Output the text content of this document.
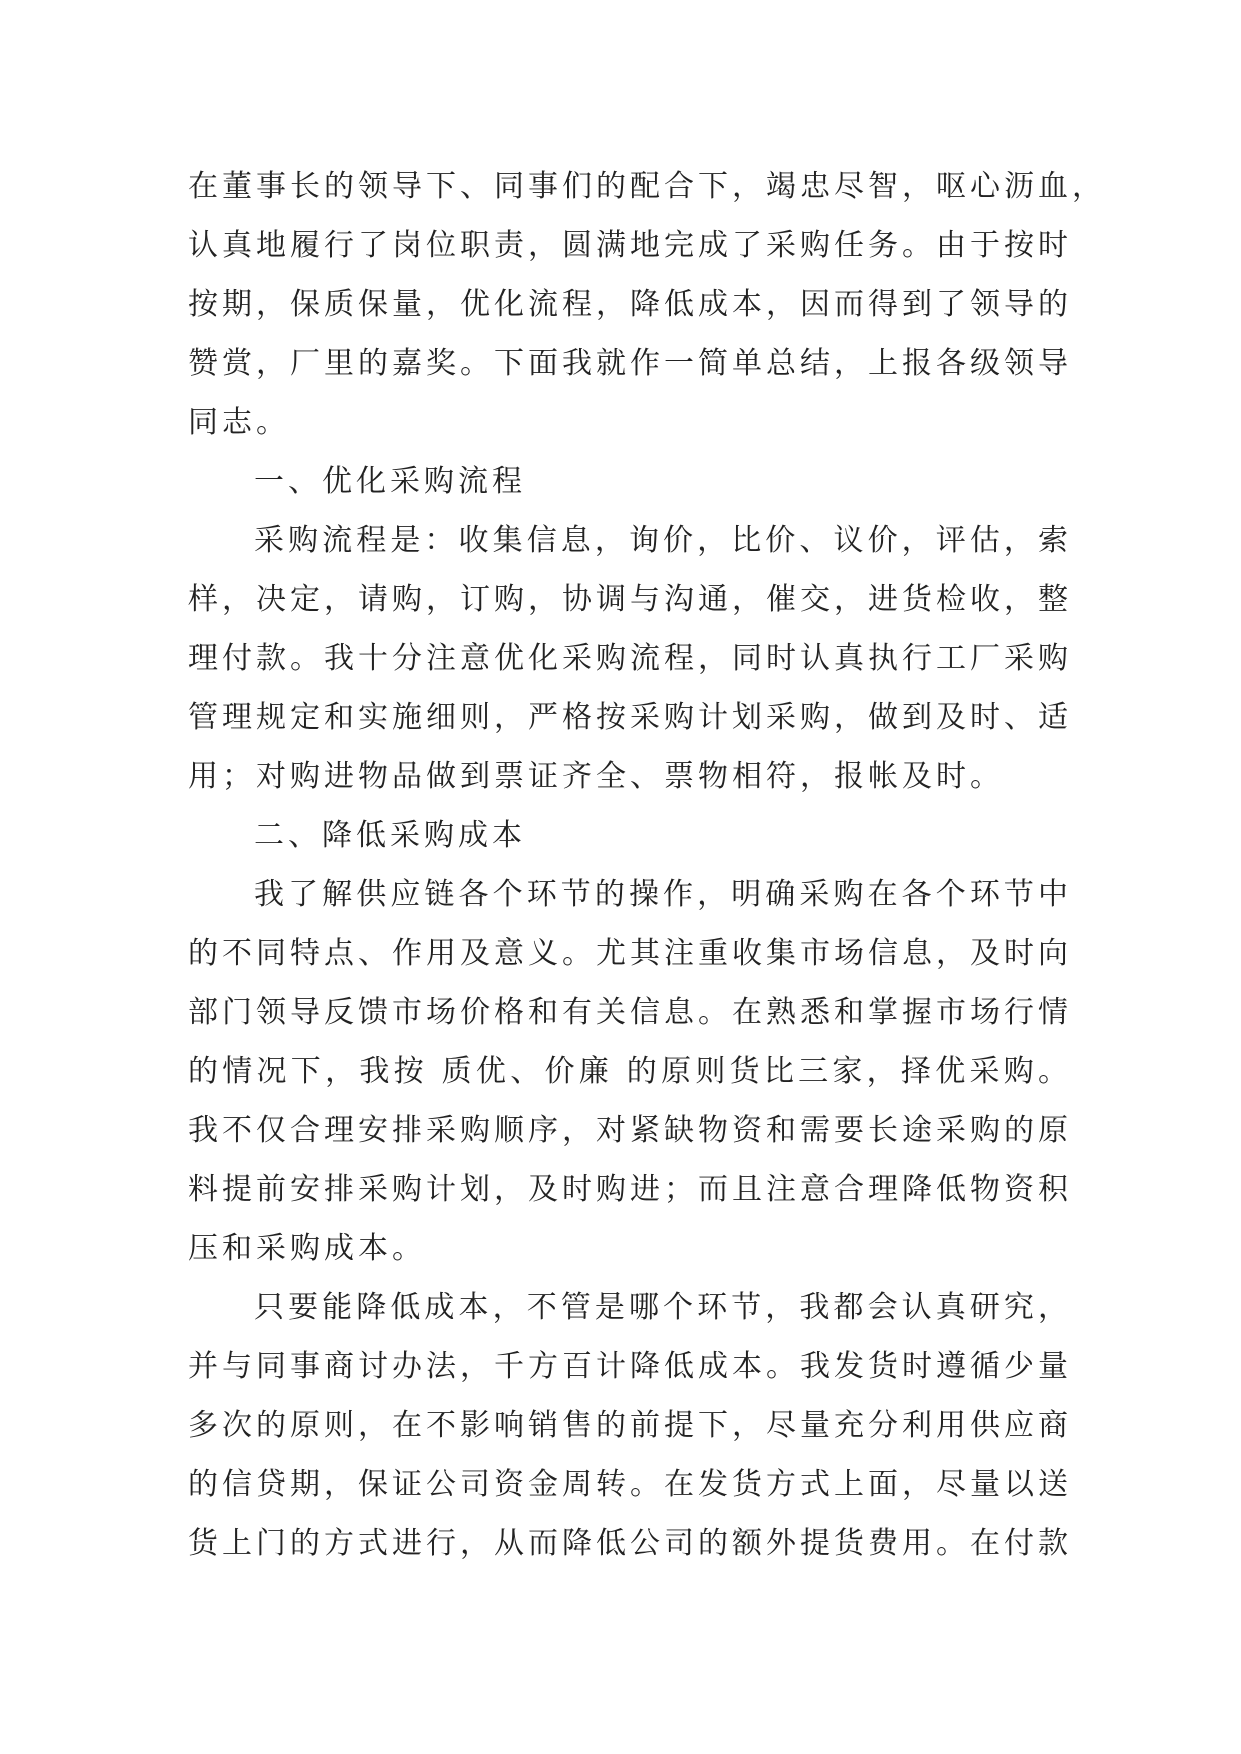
在董事长的领导下、同事们的配合下，竭忠尽智，呕心沥血，
认真地履行了岗位职责，圆满地完成了采购任务。由于按时
按期，保质保量，优化流程，降低成本，因而得到了领导的
赞赏，厂里的嘉奖。下面我就作一简单总结，上报各级领导
同志。
一、优化采购流程
采购流程是：收集信息，询价，比价、议价，评估，索
样，决定，请购，订购，协调与沟通，催交，进货检收，整
理付款。我十分注意优化采购流程，同时认真执行工厂采购
管理规定和实施细则，严格按采购计划采购，做到及时、适
用；对购进物品做到票证齐全、票物相符，报帐及时。
二、降低采购成本
我了解供应链各个环节的操作，明确采购在各个环节中
的不同特点、作用及意义。尤其注重收集市场信息，及时向
部门领导反馈市场价格和有关信息。在熟悉和掌握市场行情
的情况下，我按 质优、价廉 的原则货比三家，择优采购。
我不仅合理安排采购顺序，对紧缺物资和需要长途采购的原
料提前安排采购计划，及时购进；而且注意合理降低物资积
压和采购成本。
只要能降低成本，不管是哪个环节，我都会认真研究，
并与同事商讨办法，千方百计降低成本。我发货时遵循少量
多次的原则，在不影响销售的前提下，尽量充分利用供应商
的信贷期，保证公司资金周转。在发货方式上面，尽量以送
货上门的方式进行，从而降低公司的额外提货费用。在付款
